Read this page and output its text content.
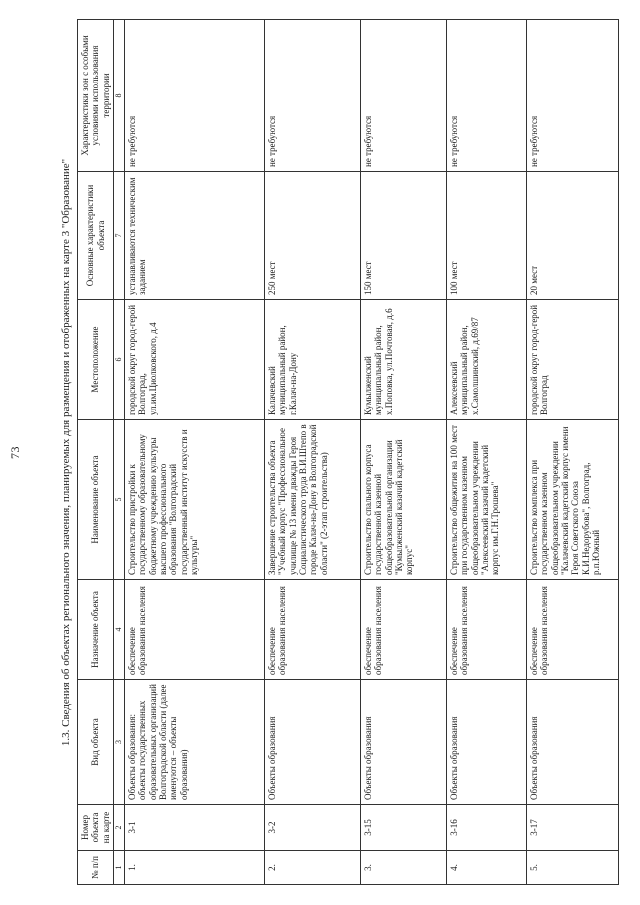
73	1.3. Сведения об объектах регионального значения, планируемых для размещения и отображенных на карте 3 "Образование"
№ п/п	Номер объекта на карте	Вид объекта	Назначение объекта	Наименование объекта	Местоположение	Основные характеристики объекта	Характеристики зон с особыми условиями использования территории
1	2	3	4	5	6	7	8
1.	3-1	Объекты образования: объекты государственных образовательных организаций Волгоградской области (далее именуются – объекты образования)	обеспечение образования населения	Строительство пристройки к государственному образовательному бюджетному учреждению культуры высшего профессионального образования "Волгоградский государственный институт искусств и культуры"	городской округ город-герой Волгоград, ул.им.Циолковского, д.4	устанавливаются техническим заданием	не требуются
2.	3-2	Объекты образования	обеспечение образования населения	Завершение строительства объекта "Учебный корпус "Профессиональное училище № 13 имени дважды Героя Социалистического труда В.И.Штепо в городе Калач-на-Дону в Волгоградской области" (2-этап строительства)	Калачевский муниципальный район, г.Калач-на-Дону	250 мест	не требуются
3.	3-15	Объекты образования	обеспечение образования населения	Строительство спального корпуса государственной казенной общеобразовательной организации "Кумылженский казачий кадетский корпус"	Кумылженский муниципальный район, х.Поповка, ул.Почтовая, д.6	150 мест	не требуются
4.	3-16	Объекты образования	обеспечение образования населения	Строительство общежития на 100 мест при государственном казенном общеобразовательном учреждении "Алексеевский казачий кадетский корпус им.Г.Н.Трошева"	Алексеевский муниципальный район, х.Самолшинский, д.69/87	100 мест	не требуются
5.	3-17	Объекты образования	обеспечение образования населения	Строительство комплекса при государственном казенном общеобразовательном учреждении "Калачевский кадетский корпус имени Героя Советского Союза К.И.Недорубова", Волгоград, р.п.Южный	городской округ город-герой Волгоград	20 мест	не требуются
